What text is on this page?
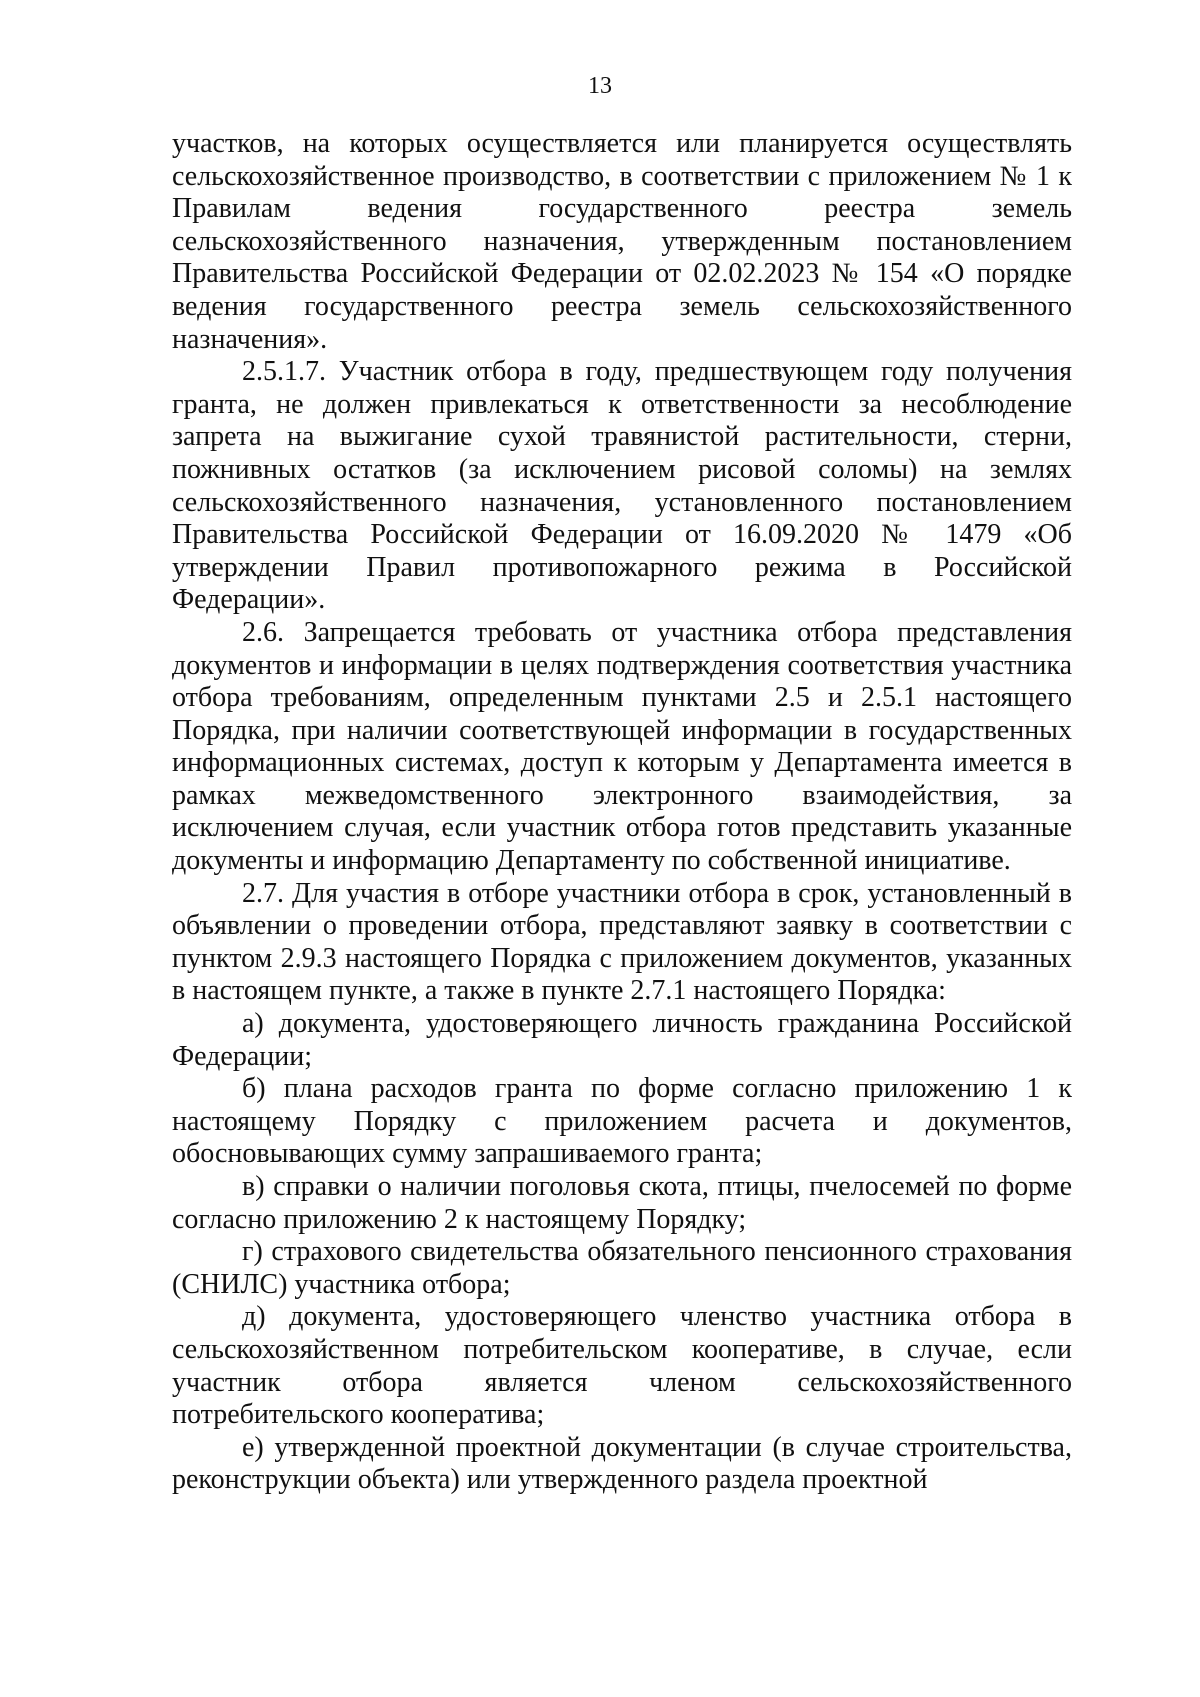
13

участков, на которых осуществляется или планируется осуществлять сельскохозяйственное производство, в соответствии с приложением № 1 к Правилам ведения государственного реестра земель сельскохозяйственного назначения, утвержденным постановлением Правительства Российской Федерации от 02.02.2023 № 154 «О порядке ведения государственного реестра земель сельскохозяйственного назначения».

2.5.1.7. Участник отбора в году, предшествующем году получения гранта, не должен привлекаться к ответственности за несоблюдение запрета на выжигание сухой травянистой растительности, стерни, пожнивных остатков (за исключением рисовой соломы) на землях сельскохозяйственного назначения, установленного постановлением Правительства Российской Федерации от 16.09.2020 № 1479 «Об утверждении Правил противопожарного режима в Российской Федерации».

2.6. Запрещается требовать от участника отбора представления документов и информации в целях подтверждения соответствия участника отбора требованиям, определенным пунктами 2.5 и 2.5.1 настоящего Порядка, при наличии соответствующей информации в государственных информационных системах, доступ к которым у Департамента имеется в рамках межведомственного электронного взаимодействия, за исключением случая, если участник отбора готов представить указанные документы и информацию Департаменту по собственной инициативе.

2.7. Для участия в отборе участники отбора в срок, установленный в объявлении о проведении отбора, представляют заявку в соответствии с пунктом 2.9.3 настоящего Порядка с приложением документов, указанных в настоящем пункте, а также в пункте 2.7.1 настоящего Порядка:

а) документа, удостоверяющего личность гражданина Российской Федерации;

б) плана расходов гранта по форме согласно приложению 1 к настоящему Порядку с приложением расчета и документов, обосновывающих сумму запрашиваемого гранта;

в) справки о наличии поголовья скота, птицы, пчелосемей по форме согласно приложению 2 к настоящему Порядку;

г) страхового свидетельства обязательного пенсионного страхования (СНИЛС) участника отбора;

д) документа, удостоверяющего членство участника отбора в сельскохозяйственном потребительском кооперативе, в случае, если участник отбора является членом сельскохозяйственного потребительского кооператива;

е) утвержденной проектной документации (в случае строительства, реконструкции объекта) или утвержденного раздела проектной
